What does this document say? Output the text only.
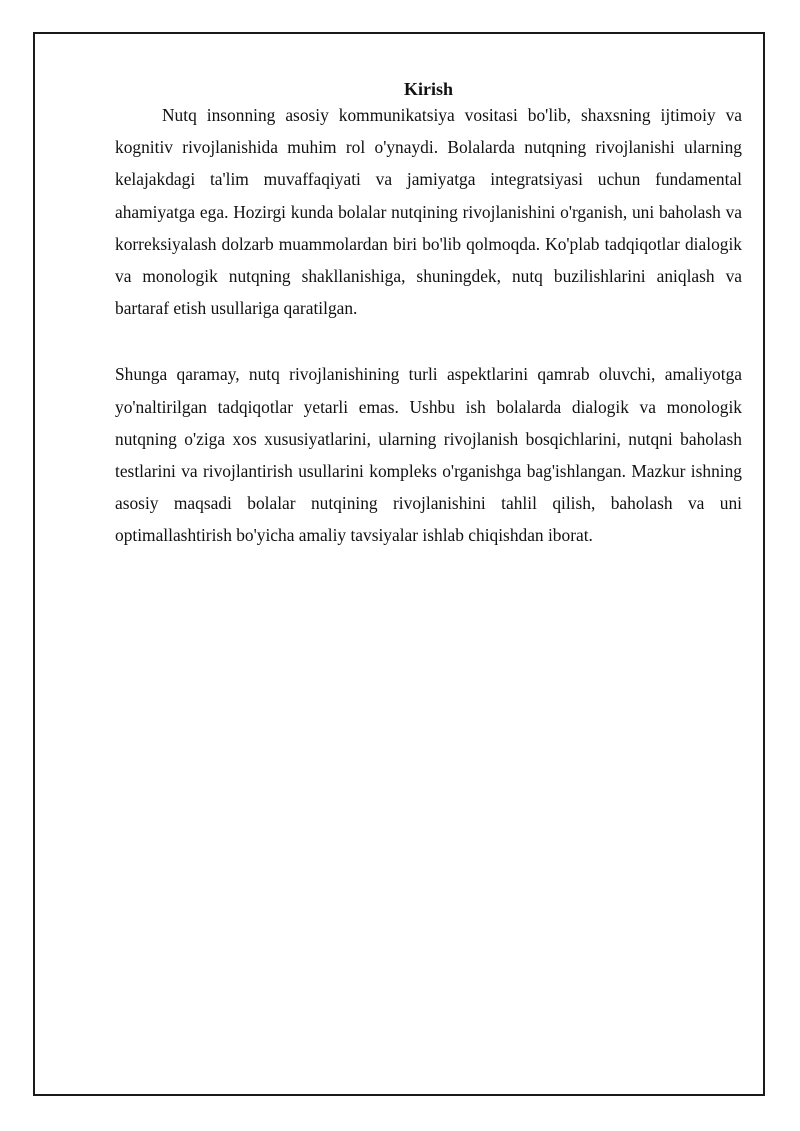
Kirish

Nutq insonning asosiy kommunikatsiya vositasi bo'lib, shaxsning ijtimoiy va kognitiv rivojlanishida muhim rol o'ynaydi. Bolalarda nutqning rivojlanishi ularning kelajakdagi ta'lim muvaffaqiyati va jamiyatga integratsiyasi uchun fundamental ahamiyatga ega. Hozirgi kunda bolalar nutqining rivojlanishini o'rganish, uni baholash va korreksiyalash dolzarb muammolardan biri bo'lib qolmoqda. Ko'plab tadqiqotlar dialogik va monologik nutqning shakllanishiga, shuningdek, nutq buzilishlarini aniqlash va bartaraf etish usullariga qaratilgan.

Shunga qaramay, nutq rivojlanishining turli aspektlarini qamrab oluvchi, amaliyotga yo'naltirilgan tadqiqotlar yetarli emas. Ushbu ish bolalarda dialogik va monologik nutqning o'ziga xos xususiyatlarini, ularning rivojlanish bosqichlarini, nutqni baholash testlarini va rivojlantirish usullarini kompleks o'rganishga bag'ishlangan. Mazkur ishning asosiy maqsadi bolalar nutqining rivojlanishini tahlil qilish, baholash va uni optimallashtirish bo'yicha amaliy tavsiyalar ishlab chiqishdan iborat.
